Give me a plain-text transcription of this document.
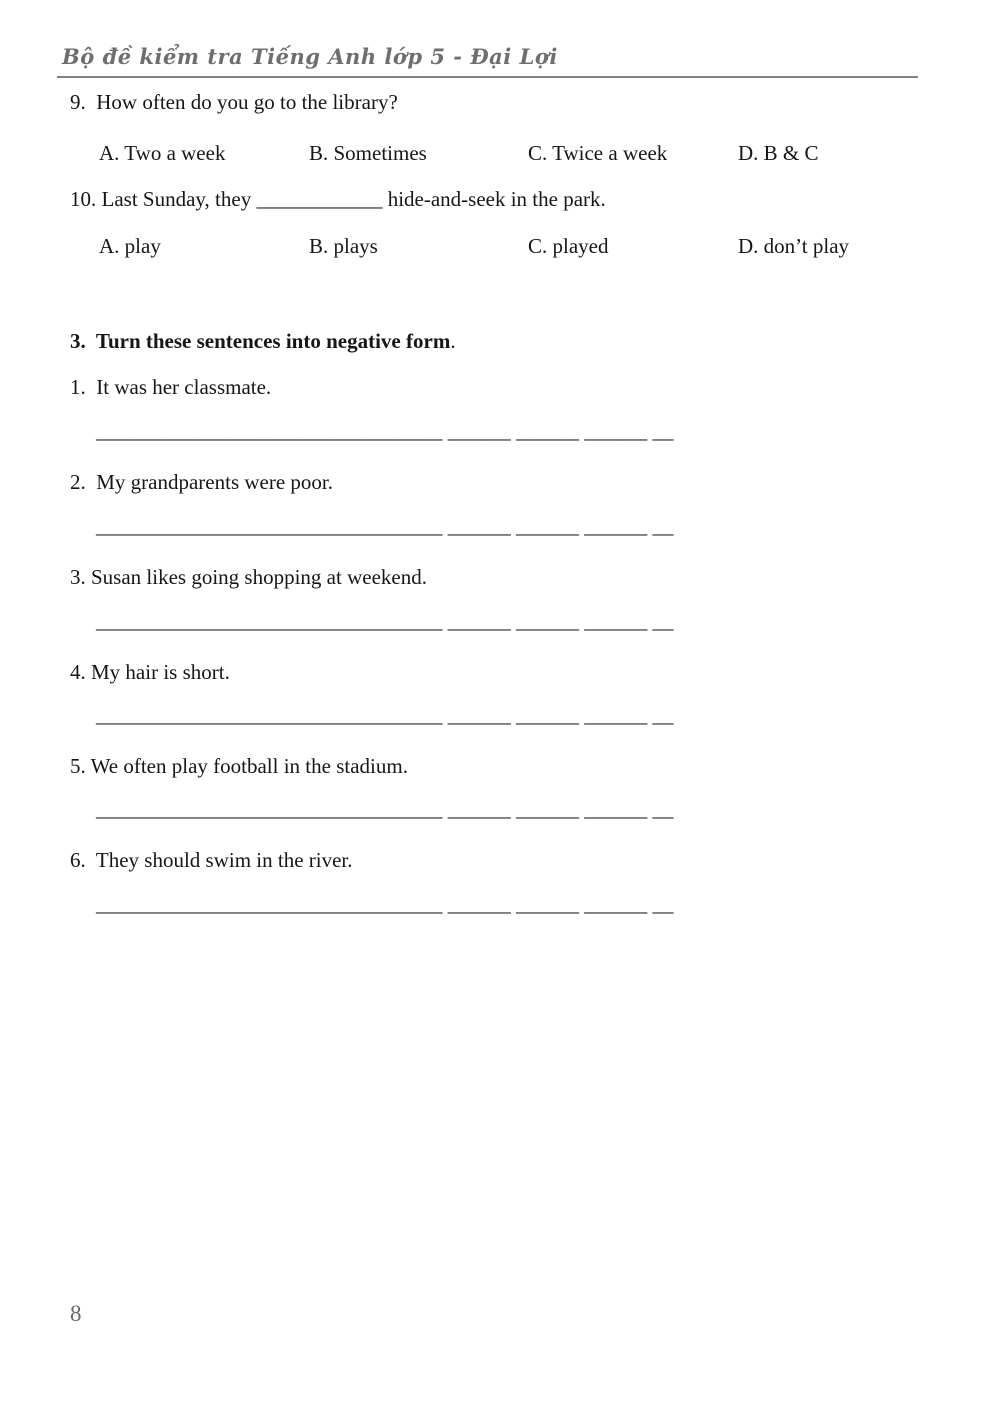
Bộ đề kiểm tra Tiếng Anh lớp 5 - Đại Lợi
9.  How often do you go to the library?
A. Two a week	B. Sometimes	C. Twice a week	D. B & C
10. Last Sunday, they ____________ hide-and-seek in the park.
A. play	B. plays	C. played	D. don’t play
3.  Turn these sentences into negative form.
1.  It was her classmate.
_________________________________ ______ ______ ______ __
2.  My grandparents were poor.
_________________________________ ______ ______ ______ __
3. Susan likes going shopping at weekend.
_________________________________ ______ ______ ______ __
4. My hair is short.
_________________________________ ______ ______ ______ __
5. We often play football in the stadium.
_________________________________ ______ ______ ______ __
6.  They should swim in the river.
_________________________________ ______ ______ ______ __
8
